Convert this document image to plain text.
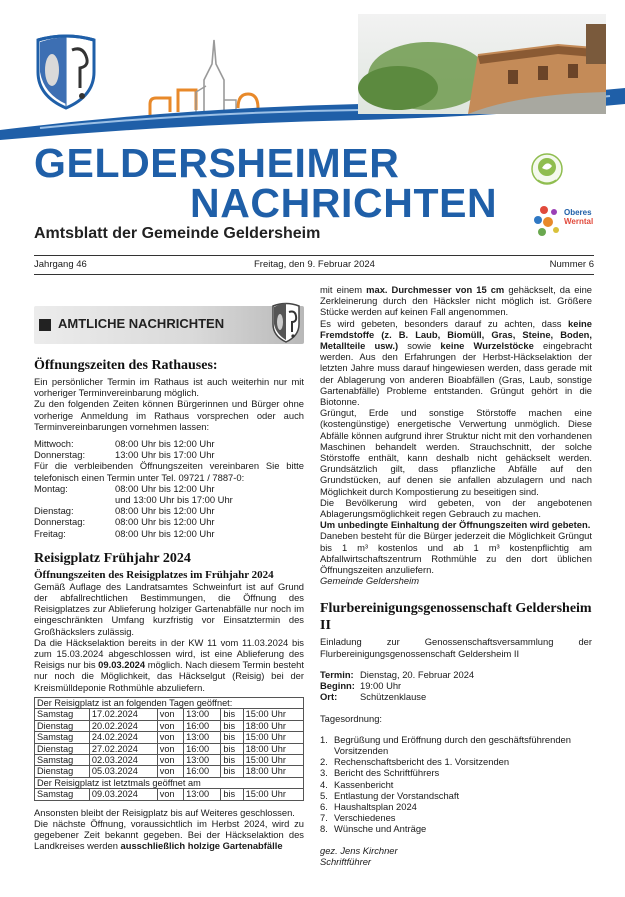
GELDERSHEIMER
NACHRICHTEN
Amtsblatt der Gemeinde Geldersheim
Oberes
Werntal
Jahrgang 46	Freitag, den 9. Februar 2024	Nummer 6
AMTLICHE NACHRICHTEN
Öffnungszeiten des Rathauses:

Ein persönlicher Termin im Rathaus ist auch weiterhin nur mit vorheriger Terminvereinbarung möglich.

Zu den folgenden Zeiten können Bürgerinnen und Bürger ohne vorherige Anmeldung im Rathaus vorsprechen oder auch Terminvereinbarungen vornehmen lassen:

Mittwoch:	08:00 Uhr bis 12:00 Uhr
Donnerstag:	13:00 Uhr bis 17:00 Uhr

Für die verbleibenden Öffnungszeiten vereinbaren Sie bitte telefonisch einen Termin unter Tel. 09721 / 7887-0:

Montag:	08:00 Uhr bis 12:00 Uhr
	und 13:00 Uhr bis 17:00 Uhr
Dienstag:	08:00 Uhr bis 12:00 Uhr
Donnerstag:	08:00 Uhr bis 12:00 Uhr
Freitag:	08:00 Uhr bis 12:00 Uhr
Reisigplatz Frühjahr 2024
Öffnungszeiten des Reisigplatzes im Frühjahr 2024

Gemäß Auflage des Landratsamtes Schweinfurt ist auf Grund der abfallrechtlichen Bestimmungen, die Öffnung des Reisigplatzes zur Ablieferung holziger Gartenabfälle nur noch im eingeschränkten Umfang kurzfristig vor Einsatztermin des Großhäckslers zulässig.

Da die Häckselaktion bereits in der KW 11 vom 11.03.2024 bis zum 15.03.2024 abgeschlossen wird, ist eine Ablieferung des Reisigs nur bis 09.03.2024 möglich. Nach diesem Termin besteht nur noch die Möglichkeit, das Häckselgut (Reisig) bei der Kreismülldeponie Rothmühle abzuliefern.

Der Reisigplatz ist an folgenden Tagen geöffnet:					
Samstag	17.02.2024	von	13:00	bis	15:00 Uhr
Dienstag	20.02.2024	von	16:00	bis	18:00 Uhr
Samstag	24.02.2024	von	13:00	bis	15:00 Uhr
Dienstag	27.02.2024	von	16:00	bis	18:00 Uhr
Samstag	02.03.2024	von	13:00	bis	15:00 Uhr
Dienstag	05.03.2024	von	16:00	bis	18:00 Uhr
Der Reisigplatz ist letztmals geöffnet am					
Samstag	09.03.2024	von	13:00	bis	15:00 Uhr

Ansonsten bleibt der Reisigplatz bis auf Weiteres geschlossen.

Die nächste Öffnung, voraussichtlich im Herbst 2024, wird zu gegebener Zeit bekannt gegeben. Bei der Häckselaktion des Landkreises werden ausschließlich holzige Gartenabfälle

mit einem max. Durchmesser von 15 cm gehäckselt, da eine Zerkleinerung durch den Häcksler nicht möglich ist. Größere Stücke werden auf keinen Fall angenommen.

Es wird gebeten, besonders darauf zu achten, dass keine Fremdstoffe (z. B. Laub, Biomüll, Gras, Steine, Boden, Metallteile usw.) sowie keine Wurzelstöcke eingebracht werden. Aus den Erfahrungen der Herbst-Häckselaktion der letzten Jahre muss darauf hingewiesen werden, dass gerade mit der Ablagerung von anderen Bioabfällen (Gras, Laub, sonstige Gartenabfälle) Probleme entstanden. Grüngut gehört in die Biotonne.

Grüngut, Erde und sonstige Störstoffe machen eine (kostengünstige) energetische Verwertung unmöglich. Diese Abfälle können aufgrund ihrer Struktur nicht mit den vorhandenen Maschinen behandelt werden. Strauchschnitt, der solche Störstoffe enthält, kann deshalb nicht gehäckselt werden. Grundsätzlich gilt, dass pflanzliche Abfälle auf den Grundstücken, auf denen sie anfallen abzulagern und nach Möglichkeit durch Kompostierung zu beseitigen sind.

Die Bevölkerung wird gebeten, von der angebotenen Ablagerungsmöglichkeit regen Gebrauch zu machen.

Um unbedingte Einhaltung der Öffnungszeiten wird gebeten.

Daneben besteht für die Bürger jederzeit die Möglichkeit Grüngut bis 1 m³ kostenlos und ab 1 m³ kostenpflichtig am Abfallwirtschaftszentrum Rothmühle zu den dort üblichen Öffnungszeiten anzuliefern.

Gemeinde Geldersheim

Flurbereinigungsgenossenschaft Geldersheim II

Einladung zur Genossenschaftsversammlung der Flurbereinigungsgenossenschaft Geldersheim II

Termin: Dienstag, 20. Februar 2024
Beginn: 19:00 Uhr
Ort:	Schützenklause

Tagesordnung:

1. Begrüßung und Eröffnung durch den geschäftsführenden Vorsitzenden
2. Rechenschaftsbericht des 1. Vorsitzenden
3. Bericht des Schriftführers
4. Kassenbericht
5. Entlastung der Vorstandschaft
6. Haushaltsplan 2024
7. Verschiedenes
8. Wünsche und Anträge

gez. Jens Kirchner

Schriftführer
